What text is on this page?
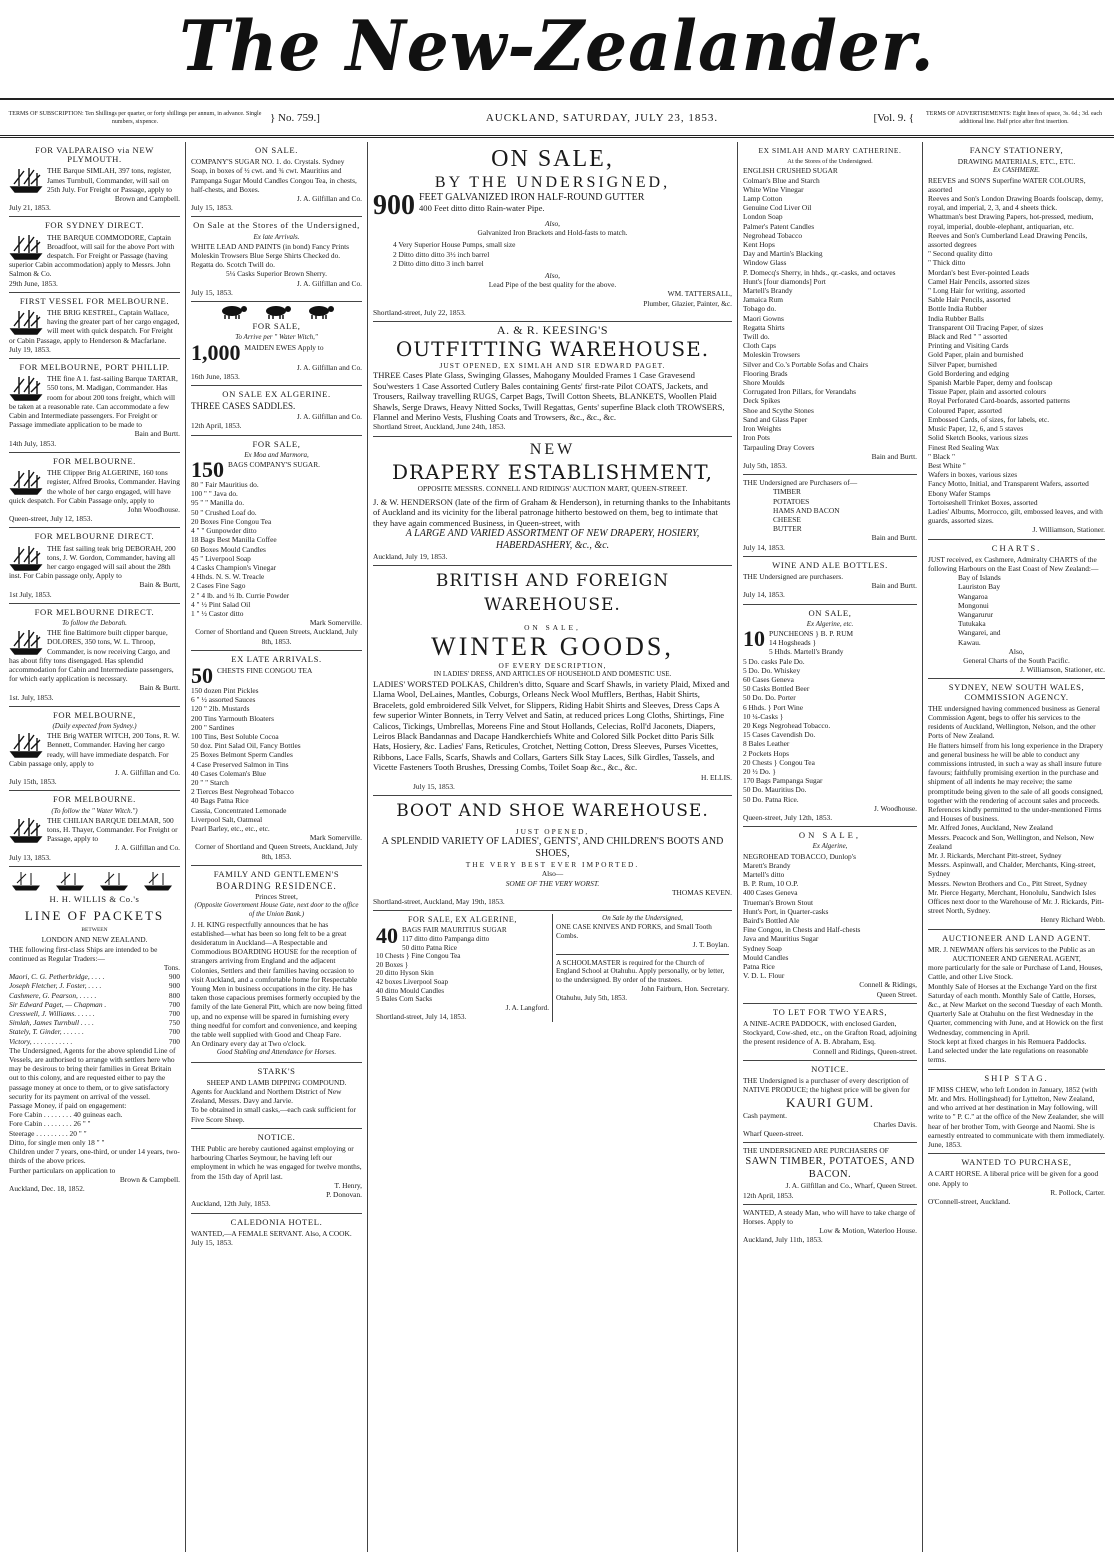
The New-Zealander.
TERMS OF SUBSCRIPTION: Ten Shillings per quarter, or forty shillings per annum, in advance. Single numbers, sixpence.	} No. 759.]	AUCKLAND, SATURDAY, JULY 23, 1853.	[Vol. 9. {	TERMS OF ADVERTISEMENTS: Eight lines of space, 3s. 6d.; 3d. each additional line. Half price after first insertion.
FOR VALPARAISO via NEW PLYMOUTH.
THE Barque SIMLAH, 397 tons, register, James Turnbull, Commander, will sail on 25th July. For Freight or Passage, apply to
Brown and Campbell.
July 21, 1853.
FOR SYDNEY DIRECT.
THE BARQUE COMMODORE, Captain Broadfoot, will sail for the above Port with despatch. For Freight or Passage (having superior Cabin accommodation) apply to Messrs. John Salmon & Co.
29th June, 1853.
FIRST VESSEL FOR MELBOURNE.
THE BRIG KESTREL, Captain Wallace, having the greater part of her cargo engaged, will meet with quick despatch. For Freight or Cabin Passage, apply to Henderson & Macfarlane.
July 19, 1853.
FOR MELBOURNE, PORT PHILLIP.
THE fine A 1. fast-sailing Barque TARTAR, 550 tons, M. Madigan, Commander. Has room for about 200 tons freight, which will be taken at a reasonable rate. Can accommodate a few Cabin and Intermediate passengers. For Freight or Passage immediate application to be made to
Bain and Burtt.
14th July, 1853.
FOR MELBOURNE.
THE Clipper Brig ALGERINE, 160 tons register, Alfred Brooks, Commander. Having the whole of her cargo engaged, will have quick despatch. For Cabin Passage only, apply to
John Woodhouse.
Queen-street, July 12, 1853.
FOR MELBOURNE DIRECT.
THE fast sailing teak brig DEBORAH, 200 tons, J. W. Gordon, Commander, having all her cargo engaged will sail about the 28th inst. For Cabin passage only, Apply to
Bain & Burtt,
1st July, 1853.
FOR MELBOURNE DIRECT.
To follow the Deborah.
THE fine Baltimore built clipper barque, DOLORES, 350 tons, W. L. Throop, Commander, is now receiving Cargo, and has about fifty tons disengaged. Has splendid accommodation for Cabin and Intermediate passengers, for which early application is necessary.
Bain & Burtt.
1st. July, 1853.
FOR MELBOURNE,
(Daily expected from Sydney.)
THE Brig WATER WITCH, 200 Tons, R. W. Bennett, Commander. Having her cargo ready, will have immediate despatch. For Cabin passage only, apply to
J. A. Gilfillan and Co.
July 15th, 1853.
FOR MELBOURNE.
(To follow the " Water Witch.")
THE CHILIAN BARQUE DELMAR, 500 tons, H. Thayer, Commander. For Freight or Passage, apply to
J. A. Gilfillan and Co.
July 13, 1853.
H. H. WILLIS & Co.'s
LINE OF PACKETS
BETWEEN
LONDON AND NEW ZEALAND.
THE following first-class Ships are intended to be continued as Regular Traders:—
Tons.
Maori, C. G. Petherbridge, . . . .	900
Joseph Fletcher, J. Foster, . . . .	900
Cashmere, G. Pearson, . . . . .	800
Sir Edward Paget, — Chapman .	700
Cresswell, J. Williams. . . . . .	700
Simlah, James Turnbull . . . .	750
Stately, T. Ginder, . . . . . .	700
Victory, . . . . . . . . . . .	700
The Undersigned, Agents for the above splendid Line of Vessels, are authorised to arrange with settlers here who may be desirous to bring their families in Great Britain out to this colony, and are requested either to pay the passage money at once to them, or to give satisfactory security for its payment on arrival of the vessel.
Passage Money, if paid on engagement:
Fore Cabin . . . . . . . . 40 guineas each.
Fore Cabin . . . . . . . . 26 " "
Steerage . . . . . . . . . 20 " "
Ditto, for single men only 18 " "
Children under 7 years, one-third, or under 14 years, two-thirds of the above prices.
Further particulars on application to
Brown & Campbell.
Auckland, Dec. 18, 1852.
ON SALE.
COMPANY'S SUGAR NO. 1. do. Crystals. Sydney Soap, in boxes of ½ cwt. and ¾ cwt. Mauritius and Pampanga Sugar Mould Candles Congou Tea, in chests, half-chests, and Boxes.
J. A. Gilfillan and Co.
July 15, 1853.
On Sale at the Stores of the Undersigned,
Ex late Arrivals.
WHITE LEAD AND PAINTS (in bond) Fancy Prints Moleskin Trowsers Blue Serge Shirts Checked do. Regatta do. Scotch Twill do.
5¼ Casks Superior Brown Sherry.
J. A. Gilfillan and Co.
July 15, 1853.

FOR SALE,
To Arrive per " Water Witch,"
1,000 MAIDEN EWES Apply to
J. A. Gilfillan and Co.
16th June, 1853.
ON SALE EX ALGERINE.
THREE CASES SADDLES.
J. A. Gilfillan and Co.
12th April, 1853.
FOR SALE,
Ex Moa and Marmora,
150 BAGS COMPANY'S SUGAR.
80 " Fair Mauritius do.
100 " " Java do.
95 " " Manilla do.
50 " Crushed Loaf do.
20 Boxes Fine Congou Tea
4 " " Gunpowder ditto
18 Bags Best Manilla Coffee
60 Boxes Mould Candles
45 " Liverpool Soap
4 Casks Champion's Vinegar
4 Hhds. N. S. W. Treacle
2 Cases Fine Sago
2 " 4 lb. and ½ lb. Currie Powder
4 " ½ Pint Salad Oil
1 " ½ Castor ditto
Mark Somerville.
Corner of Shortland and Queen Streets, Auckland, July 8th, 1853.
EX LATE ARRIVALS.
50 CHESTS FINE CONGOU TEA
150 dozen Pint Pickles
6 " ½ assorted Sauces
120 " 2lb. Mustards
200 Tins Yarmouth Bloaters
200 " Sardines
100 Tins, Best Soluble Cocoa
50 doz. Pint Salad Oil, Fancy Bottles
25 Boxes Belmont Sperm Candles
4 Case Preserved Salmon in Tins
40 Cases Coleman's Blue
20 " " Starch
2 Tierces Best Negrohead Tobacco
40 Bags Patna Rice
Cassia, Concentrated Lemonade
Liverpool Salt, Oatmeal
Pearl Barley, etc., etc., etc.
Mark Somerville.
Corner of Shortland and Queen Streets, Auckland, July 8th, 1853.
FAMILY AND GENTLEMEN'S
BOARDING RESIDENCE.
Princes Street,
(Opposite Government House Gate, next door to the office of the Union Bank.)
J. H. KING respectfully announces that he has established—what has been so long felt to be a great desideratum in Auckland—A Respectable and Commodious BOARDING HOUSE for the reception of strangers arriving from England and the adjacent Colonies, Settlers and their families having occasion to visit Auckland, and a comfortable home for Respectable Young Men in business occupations in the city. He has taken those capacious premises formerly occupied by the family of the late General Pitt, which are now being fitted up, and no expense will be spared in furnishing every thing needful for comfort and convenience, and keeping the table well supplied with Good and Cheap Fare.
An Ordinary every day at Two o'clock.
Good Stabling and Attendance for Horses.
STARK'S
SHEEP AND LAMB DIPPING COMPOUND.
Agents for Auckland and Northern District of New Zealand, Messrs. Davy and Jarvie.
To be obtained in small casks,—each cask sufficient for Five Score Sheep.
NOTICE.
THE Public are hereby cautioned against employing or harbouring Charles Seymour, he having left our employment in which he was engaged for twelve months, from the 15th day of April last.
T. Henry,
P. Donovan.
Auckland, 12th July, 1853.
CALEDONIA HOTEL.
WANTED,—A FEMALE SERVANT. Also, A COOK.
July 15, 1853.
ON SALE,
BY THE UNDERSIGNED,
900 FEET GALVANIZED IRON HALF-ROUND GUTTER
400 Feet ditto ditto Rain-water Pipe.
Also,
Galvanized Iron Brackets and Hold-fasts to match.
4 Very Superior House Pumps, small size
2 Ditto ditto ditto 3½ inch barrel
2 Ditto ditto ditto 3 inch barrel
Also,
Lead Pipe of the best quality for the above.
WM. TATTERSALL,
Plumber, Glazier, Painter, &c.
Shortland-street, July 22, 1853.
A. & R. KEESING'S
OUTFITTING WAREHOUSE.
JUST OPENED, EX SIMLAH AND SIR EDWARD PAGET.
THREE Cases Plate Glass, Swinging Glasses, Mahogany Moulded Frames 1 Case Gravesend Sou'westers 1 Case Assorted Cutlery Bales containing Gents' first-rate Pilot COATS, Jackets, and Trousers, Railway travelling RUGS, Carpet Bags, Twill Cotton Sheets, BLANKETS, Woollen Plaid Shawls, Serge Draws, Heavy Nitted Socks, Twill Regattas, Gents' superfine Black cloth TROWSERS, Flannel and Merino Vests, Flushing Coats and Trowsers, &c., &c., &c.
Shortland Street, Auckland, June 24th, 1853.
NEW
DRAPERY ESTABLISHMENT,
OPPOSITE MESSRS. CONNELL AND RIDINGS' AUCTION MART, QUEEN-STREET.
J. & W. HENDERSON (late of the firm of Graham & Henderson), in returning thanks to the Inhabitants of Auckland and its vicinity for the liberal patronage hitherto bestowed on them, beg to intimate that they have again commenced Business, in Queen-street, with
A LARGE AND VARIED ASSORTMENT OF NEW DRAPERY, HOSIERY, HABERDASHERY, &c., &c.
Auckland, July 19, 1853.
BRITISH AND FOREIGN WAREHOUSE.
ON SALE,
WINTER GOODS,
OF EVERY DESCRIPTION,
IN LADIES' DRESS, AND ARTICLES OF HOUSEHOLD AND DOMESTIC USE.
LADIES' WORSTED POLKAS, Children's ditto, Square and Scarf Shawls, in variety Plaid, Mixed and Llama Wool, DeLaines, Mantles, Coburgs, Orleans Neck Wool Mufflers, Berthas, Habit Shirts, Bracelets, gold embroidered Silk Velvet, for Slippers, Riding Habit Shirts and Sleeves, Dress Caps A few superior Winter Bonnets, in Terry Velvet and Satin, at reduced prices Long Cloths, Shirtings, Fine Calicos, Tickings, Umbrellas, Moreens Fine and Stout Hollands, Celecias, Roll'd Jaconets, Diapers, Leiros Black Bandannas and Dacape Handkerchiefs White and Colored Silk Pocket ditto Paris Silk Hats, Hosiery, &c. Ladies' Fans, Reticules, Crotchet, Netting Cotton, Dress Sleeves, Purses Vicettes, Ribbons, Lace Falls, Scarfs, Shawls and Collars, Garters Silk Stay Laces, Silk Girdles, Tassels, and Vicette Fasteners Tooth Brushes, Dressing Combs, Toilet Soap &c., &c., &c.
H. ELLIS.
July 15, 1853.
BOOT AND SHOE WAREHOUSE.
JUST OPENED,
A SPLENDID VARIETY OF LADIES', GENTS', AND CHILDREN'S BOOTS AND SHOES,
THE VERY BEST EVER IMPORTED.
Also—
SOME OF THE VERY WORST.
THOMAS KEVEN.
Shortland-street, Auckland, May 19th, 1853.
FOR SALE, EX ALGERINE,
40 BAGS FAIR MAURITIUS SUGAR
117 ditto ditto Pampanga ditto
50 ditto Patna Rice
10 Chests } Fine Congou Tea
20 Boxes }
20 ditto Hyson Skin
42 boxes Liverpool Soap
40 ditto Mould Candles
5 Bales Corn Sacks
J. A. Langford.
Shortland-street, July 14, 1853.
On Sale by the Undersigned,
ONE CASE KNIVES AND FORKS, and Small Tooth Combs.
J. T. Boylan.
A SCHOOLMASTER is required for the Church of England School at Otahuhu. Apply personally, or by letter, to the undersigned. By order of the trustees.
John Fairburn, Hon. Secretary.
Otahuhu, July 5th, 1853.
EX SIMLAH AND MARY CATHERINE.
At the Stores of the Undersigned.
ENGLISH CRUSHED SUGAR
Colman's Blue and Starch
White Wine Vinegar
Lamp Cotton
Genuine Cod Liver Oil
London Soap
Palmer's Patent Candles
Negrohead Tobacco
Kent Hops
Day and Martin's Blacking
Window Glass
P. Domecq's Sherry, in hhds., qr.-casks, and octaves
Hunt's [four diamonds] Port
Martell's Brandy
Jamaica Rum
Tobago do.
Maori Gowns
Regatta Shirts
Twill do.
Cloth Caps
Moleskin Trowsers
Silver and Co.'s Portable Sofas and Chairs
Flooring Brads
Shore Moulds
Corrugated Iron Pillars, for Verandahs
Deck Spikes
Shoe and Scythe Stones
Sand and Glass Paper
Iron Weights
Iron Pots
Tarpauling Dray Covers
Bain and Burtt.
July 5th, 1853.
THE Undersigned are Purchasers of—
TIMBER
POTATOES
HAMS AND BACON
CHEESE
BUTTER
Bain and Burtt.
July 14, 1853.
WINE AND ALE BOTTLES.
THE Undersigned are purchasers.
Bain and Burtt.
July 14, 1853.
ON SALE,
Ex Algerine, etc.
10 PUNCHEONS } B. P. RUM
14 Hogsheads }
5 Hhds. Martell's Brandy
5 Do. casks Pale Do.
5 Do. Do. Whiskey
60 Cases Geneva
50 Casks Bottled Beer
50 Do. Do. Porter
6 Hhds. } Port Wine
10 ¼-Casks }
20 Kegs Negrohead Tobacco.
15 Cases Cavendish Do.
8 Bales Leather
2 Pockets Hops
20 Chests } Congou Tea
20 ½ Do. }
170 Bags Pampanga Sugar
50 Do. Mauritius Do.
50 Do. Patna Rice.
J. Woodhouse.
Queen-street, July 12th, 1853.
ON SALE,
Ex Algerine,
NEGROHEAD TOBACCO, Dunlop's
Marett's Brandy
Martell's ditto
B. P. Rum, 10 O.P.
400 Cases Geneva
Trueman's Brown Stout
Hunt's Port, in Quarter-casks
Baird's Bottled Ale
Fine Congou, in Chests and Half-chests
Java and Mauritius Sugar
Sydney Soap
Mould Candles
Patna Rice
V. D. L. Flour
Connell & Ridings,
Queen Street.
TO LET FOR TWO YEARS,
A NINE-ACRE PADDOCK, with enclosed Garden, Stockyard, Cow-shed, etc., on the Grafton Road, adjoining the present residence of A. B. Abraham, Esq.
Connell and Ridings, Queen-street.
NOTICE.
THE Undersigned is a purchaser of every description of NATIVE PRODUCE; the highest price will be given for
KAURI GUM.
Cash payment.
Charles Davis.
Wharf Queen-street.
THE UNDERSIGNED ARE PURCHASERS OF
SAWN TIMBER, POTATOES, AND BACON.
J. A. Gilfillan and Co., Wharf, Queen Street.
12th April, 1853.
WANTED, A steady Man, who will have to take charge of Horses. Apply to
Low & Motion, Waterloo House.
Auckland, July 11th, 1853.
FANCY STATIONERY,
DRAWING MATERIALS, ETC., ETC.
Ex CASHMERE.
REEVES and SON'S Superfine WATER COLOURS, assorted
Reeves and Son's London Drawing Boards foolscap, demy, royal, and imperial, 2, 3, and 4 sheets thick.
Whattman's best Drawing Papers, hot-pressed, medium, royal, imperial, double-elephant, antiquarian, etc.
Reeves and Son's Cumberland Lead Drawing Pencils, assorted degrees
" Second quality ditto
" Thick ditto
Mordan's best Ever-pointed Leads
Camel Hair Pencils, assorted sizes
" Long Hair for writing, assorted
Sable Hair Pencils, assorted
Bottle India Rubber
India Rubber Balls
Transparent Oil Tracing Paper, of sizes
Black and Red " " assorted
Printing and Visiting Cards
Gold Paper, plain and burnished
Silver Paper, burnished
Gold Bordering and edging
Spanish Marble Paper, demy and foolscap
Tissue Paper, plain and assorted colours
Royal Perforated Card-boards, assorted patterns
Coloured Paper, assorted
Embossed Cards, of sizes, for labels, etc.
Music Paper, 12, 6, and 5 staves
Solid Sketch Books, various sizes
Finest Red Sealing Wax
" Black "
Best White "
Wafers in boxes, various sizes
Fancy Motto, Initial, and Transparent Wafers, assorted
Ebony Wafer Stamps
Tortoiseshell Trinket Boxes, assorted
Ladies' Albums, Morrocco, gilt, embossed leaves, and with guards, assorted sizes.
J. Williamson, Stationer.
CHARTS.
JUST received, ex Cashmere, Admiralty CHARTS of the following Harbours on the East Coast of New Zealand:—
Bay of Islands
Lauriston Bay
Wangaroa
Mongonui
Wangarurur
Tutukaka
Wangarei, and
Kawau.
Also,
General Charts of the South Pacific.
J. Williamson, Stationer, etc.
SYDNEY, NEW SOUTH WALES, COMMISSION AGENCY.
THE undersigned having commenced business as General Commission Agent, begs to offer his services to the residents of Auckland, Wellington, Nelson, and the other Ports of New Zealand.
He flatters himself from his long experience in the Drapery and general business he will be able to conduct any commissions intrusted, in such a way as shall insure future favours; faithfully promising exertion in the purchase and shipment of all indents he may receive; the same promptitude being given to the sale of all goods consigned, together with the rendering of account sales and proceeds.
References kindly permitted to the under-mentioned Firms and Houses of business.
Mr. Alfred Jones, Auckland, New Zealand
Messrs. Peacock and Son, Wellington, and Nelson, New Zealand
Mr. J. Rickards, Merchant Pitt-street, Sydney
Messrs. Aspinwall, and Chalder, Merchants, King-street, Sydney
Messrs. Newton Brothers and Co., Pitt Street, Sydney
Mr. Pierce Hegarty, Merchant, Honolulu, Sandwich Isles
Offices next door to the Warehouse of Mr. J. Rickards, Pitt-street North, Sydney.
Henry Richard Webb.
AUCTIONEER AND LAND AGENT.
MR. J. NEWMAN offers his services to the Public as an
AUCTIONEER AND GENERAL AGENT,
more particularly for the sale or Purchase of Land, Houses, Cattle, and other Live Stock.
Monthly Sale of Horses at the Exchange Yard on the first Saturday of each month. Monthly Sale of Cattle, Horses, &c., at New Market on the second Tuesday of each Month.
Quarterly Sale at Otahuhu on the first Wednesday in the Quarter, commencing with June, and at Howick on the first Wednesday, commencing in April.
Stock kept at fixed charges in his Remuera Paddocks.
Land selected under the late regulations on reasonable terms.
SHIP STAG.
IF MISS CHEW, who left London in January, 1852 (with Mr. and Mrs. Hollingshead) for Lyttelton, New Zealand, and who arrived at her destination in May following, will write to " P. C." at the office of the New Zealander, she will hear of her brother Tom, with George and Naomi. She is earnestly entreated to communicate with them immediately.
June, 1853.
WANTED TO PURCHASE,
A CART HORSE. A liberal price will be given for a good one. Apply to
R. Pollock, Carter.
O'Connell-street, Auckland.
